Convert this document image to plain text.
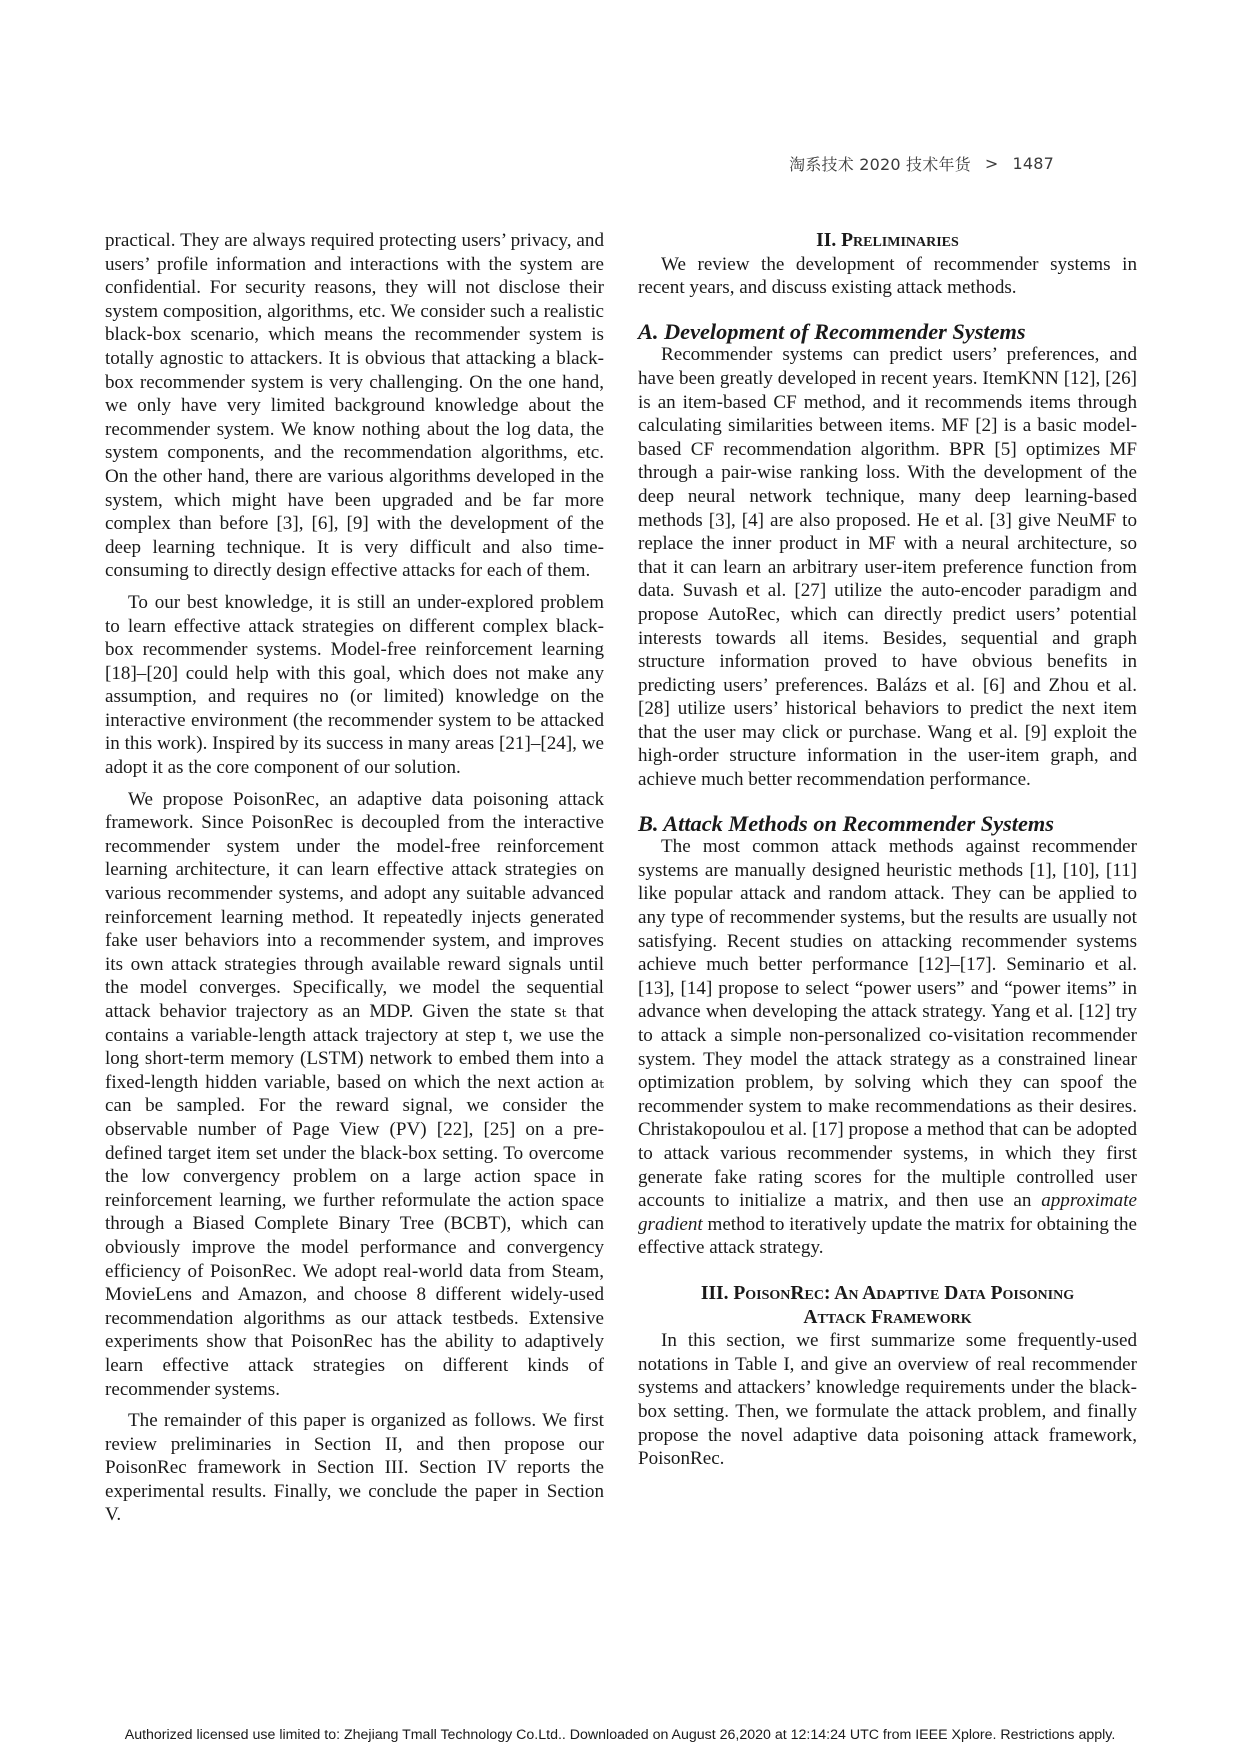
淘系技术 2020 技术年货 > 1487

practical. They are always required protecting users’ privacy, and users’ profile information and interactions with the system are confidential. For security reasons, they will not disclose their system composition, algorithms, etc. We consider such a realistic black-box scenario, which means the recommender system is totally agnostic to attackers. It is obvious that attacking a black-box recommender system is very challenging. On the one hand, we only have very limited background knowledge about the recommender system. We know nothing about the log data, the system components, and the recommendation algorithms, etc. On the other hand, there are various algorithms developed in the system, which might have been upgraded and be far more complex than before [3], [6], [9] with the development of the deep learning technique. It is very difficult and also time-consuming to directly design effective attacks for each of them.

To our best knowledge, it is still an under-explored problem to learn effective attack strategies on different complex black-box recommender systems. Model-free reinforcement learning [18]–[20] could help with this goal, which does not make any assumption, and requires no (or limited) knowledge on the interactive environment (the recommender system to be attacked in this work). Inspired by its success in many areas [21]–[24], we adopt it as the core component of our solution.

We propose PoisonRec, an adaptive data poisoning attack framework. Since PoisonRec is decoupled from the interactive recommender system under the model-free reinforcement learning architecture, it can learn effective attack strategies on various recommender systems, and adopt any suitable advanced reinforcement learning method. It repeatedly injects generated fake user behaviors into a recommender system, and improves its own attack strategies through available reward signals until the model converges. Specifically, we model the sequential attack behavior trajectory as an MDP. Given the state sₜ that contains a variable-length attack trajectory at step t, we use the long short-term memory (LSTM) network to embed them into a fixed-length hidden variable, based on which the next action aₜ can be sampled. For the reward signal, we consider the observable number of Page View (PV) [22], [25] on a pre-defined target item set under the black-box setting. To overcome the low convergency problem on a large action space in reinforcement learning, we further reformulate the action space through a Biased Complete Binary Tree (BCBT), which can obviously improve the model performance and convergency efficiency of PoisonRec. We adopt real-world data from Steam, MovieLens and Amazon, and choose 8 different widely-used recommendation algorithms as our attack testbeds. Extensive experiments show that PoisonRec has the ability to adaptively learn effective attack strategies on different kinds of recommender systems.

The remainder of this paper is organized as follows. We first review preliminaries in Section II, and then propose our PoisonRec framework in Section III. Section IV reports the experimental results. Finally, we conclude the paper in Section V.

II. Preliminaries

We review the development of recommender systems in recent years, and discuss existing attack methods.

A. Development of Recommender Systems

Recommender systems can predict users’ preferences, and have been greatly developed in recent years. ItemKNN [12], [26] is an item-based CF method, and it recommends items through calculating similarities between items. MF [2] is a basic model-based CF recommendation algorithm. BPR [5] optimizes MF through a pair-wise ranking loss. With the development of the deep neural network technique, many deep learning-based methods [3], [4] are also proposed. He et al. [3] give NeuMF to replace the inner product in MF with a neural architecture, so that it can learn an arbitrary user-item preference function from data. Suvash et al. [27] utilize the auto-encoder paradigm and propose AutoRec, which can directly predict users’ potential interests towards all items. Besides, sequential and graph structure information proved to have obvious benefits in predicting users’ preferences. Balázs et al. [6] and Zhou et al. [28] utilize users’ historical behaviors to predict the next item that the user may click or purchase. Wang et al. [9] exploit the high-order structure information in the user-item graph, and achieve much better recommendation performance.

B. Attack Methods on Recommender Systems

The most common attack methods against recommender systems are manually designed heuristic methods [1], [10], [11] like popular attack and random attack. They can be applied to any type of recommender systems, but the results are usually not satisfying. Recent studies on attacking recommender systems achieve much better performance [12]–[17]. Seminario et al. [13], [14] propose to select “power users” and “power items” in advance when developing the attack strategy. Yang et al. [12] try to attack a simple non-personalized co-visitation recommender system. They model the attack strategy as a constrained linear optimization problem, by solving which they can spoof the recommender system to make recommendations as their desires. Christakopoulou et al. [17] propose a method that can be adopted to attack various recommender systems, in which they first generate fake rating scores for the multiple controlled user accounts to initialize a matrix, and then use an approximate gradient method to iteratively update the matrix for obtaining the effective attack strategy.

III. PoisonRec: An Adaptive Data Poisoning
Attack Framework

In this section, we first summarize some frequently-used notations in Table I, and give an overview of real recommender systems and attackers’ knowledge requirements under the black-box setting. Then, we formulate the attack problem, and finally propose the novel adaptive data poisoning attack framework, PoisonRec.

Authorized licensed use limited to: Zhejiang Tmall Technology Co.Ltd.. Downloaded on August 26,2020 at 12:14:24 UTC from IEEE Xplore. Restrictions apply.
